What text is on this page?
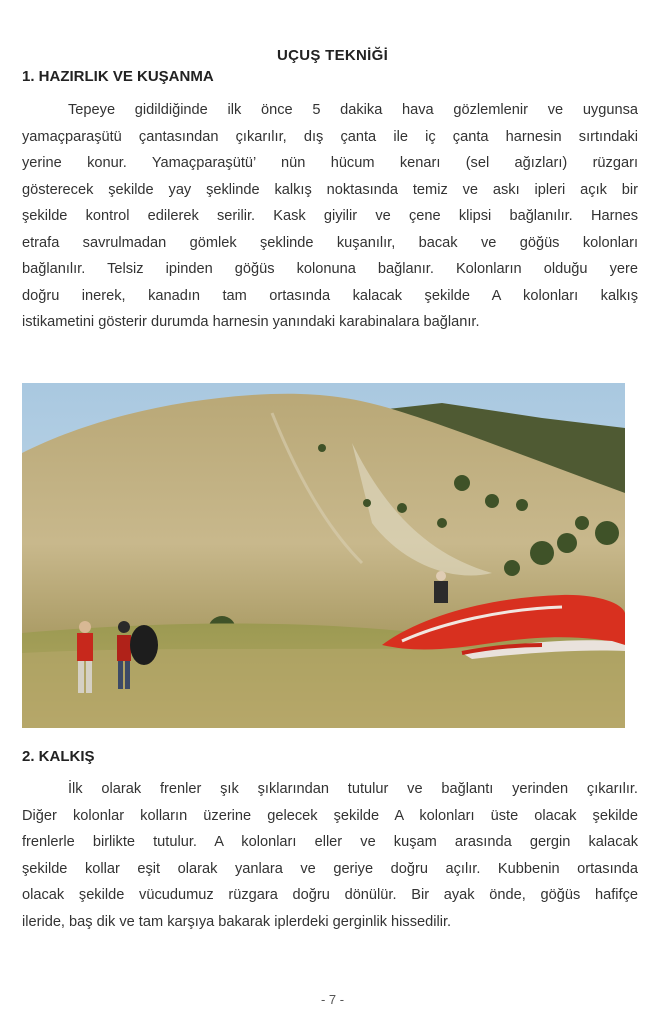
UÇUŞ TEKNİĞİ
1. HAZIRLIK VE KUŞANMA
Tepeye gidildiğinde ilk önce 5 dakika hava gözlemlenir ve uygunsa
yamaçparaşütü çantasından çıkarılır, dış çanta ile iç çanta harnesin sırtındaki
yerine konur. Yamaçparaşütü’ nün hücum kenarı (sel ağızları) rüzgarı
gösterecek şekilde yay şeklinde kalkış noktasında temiz ve askı ipleri açık bir
şekilde kontrol edilerek serilir. Kask giyilir ve çene klipsi bağlanılır. Harnes
etrafa savrulmadan gömlek şeklinde kuşanılır, bacak ve göğüs kolonları
bağlanılır. Telsiz ipinden göğüs kolonuna bağlanır. Kolonların olduğu yere
doğru inerek, kanadın tam ortasında kalacak şekilde A kolonları kalkış
istikametini gösterir durumda harnesin yanındaki karabinalara bağlanır.
2. KALKIŞ
İlk olarak frenler şık şıklarından tutulur ve bağlantı yerinden çıkarılır.
Diğer kolonlar kolların üzerine gelecek şekilde A kolonları üste olacak şekilde
frenlerle birlikte tutulur. A kolonları eller ve kuşam arasında gergin kalacak
şekilde kollar eşit olarak yanlara ve geriye doğru açılır. Kubbenin ortasında
olacak şekilde vücudumuz rüzgara doğru dönülür. Bir ayak önde, göğüs hafifçe
ileride, baş dik ve tam karşıya bakarak iplerdeki gerginlik hissedilir.
- 7 -
